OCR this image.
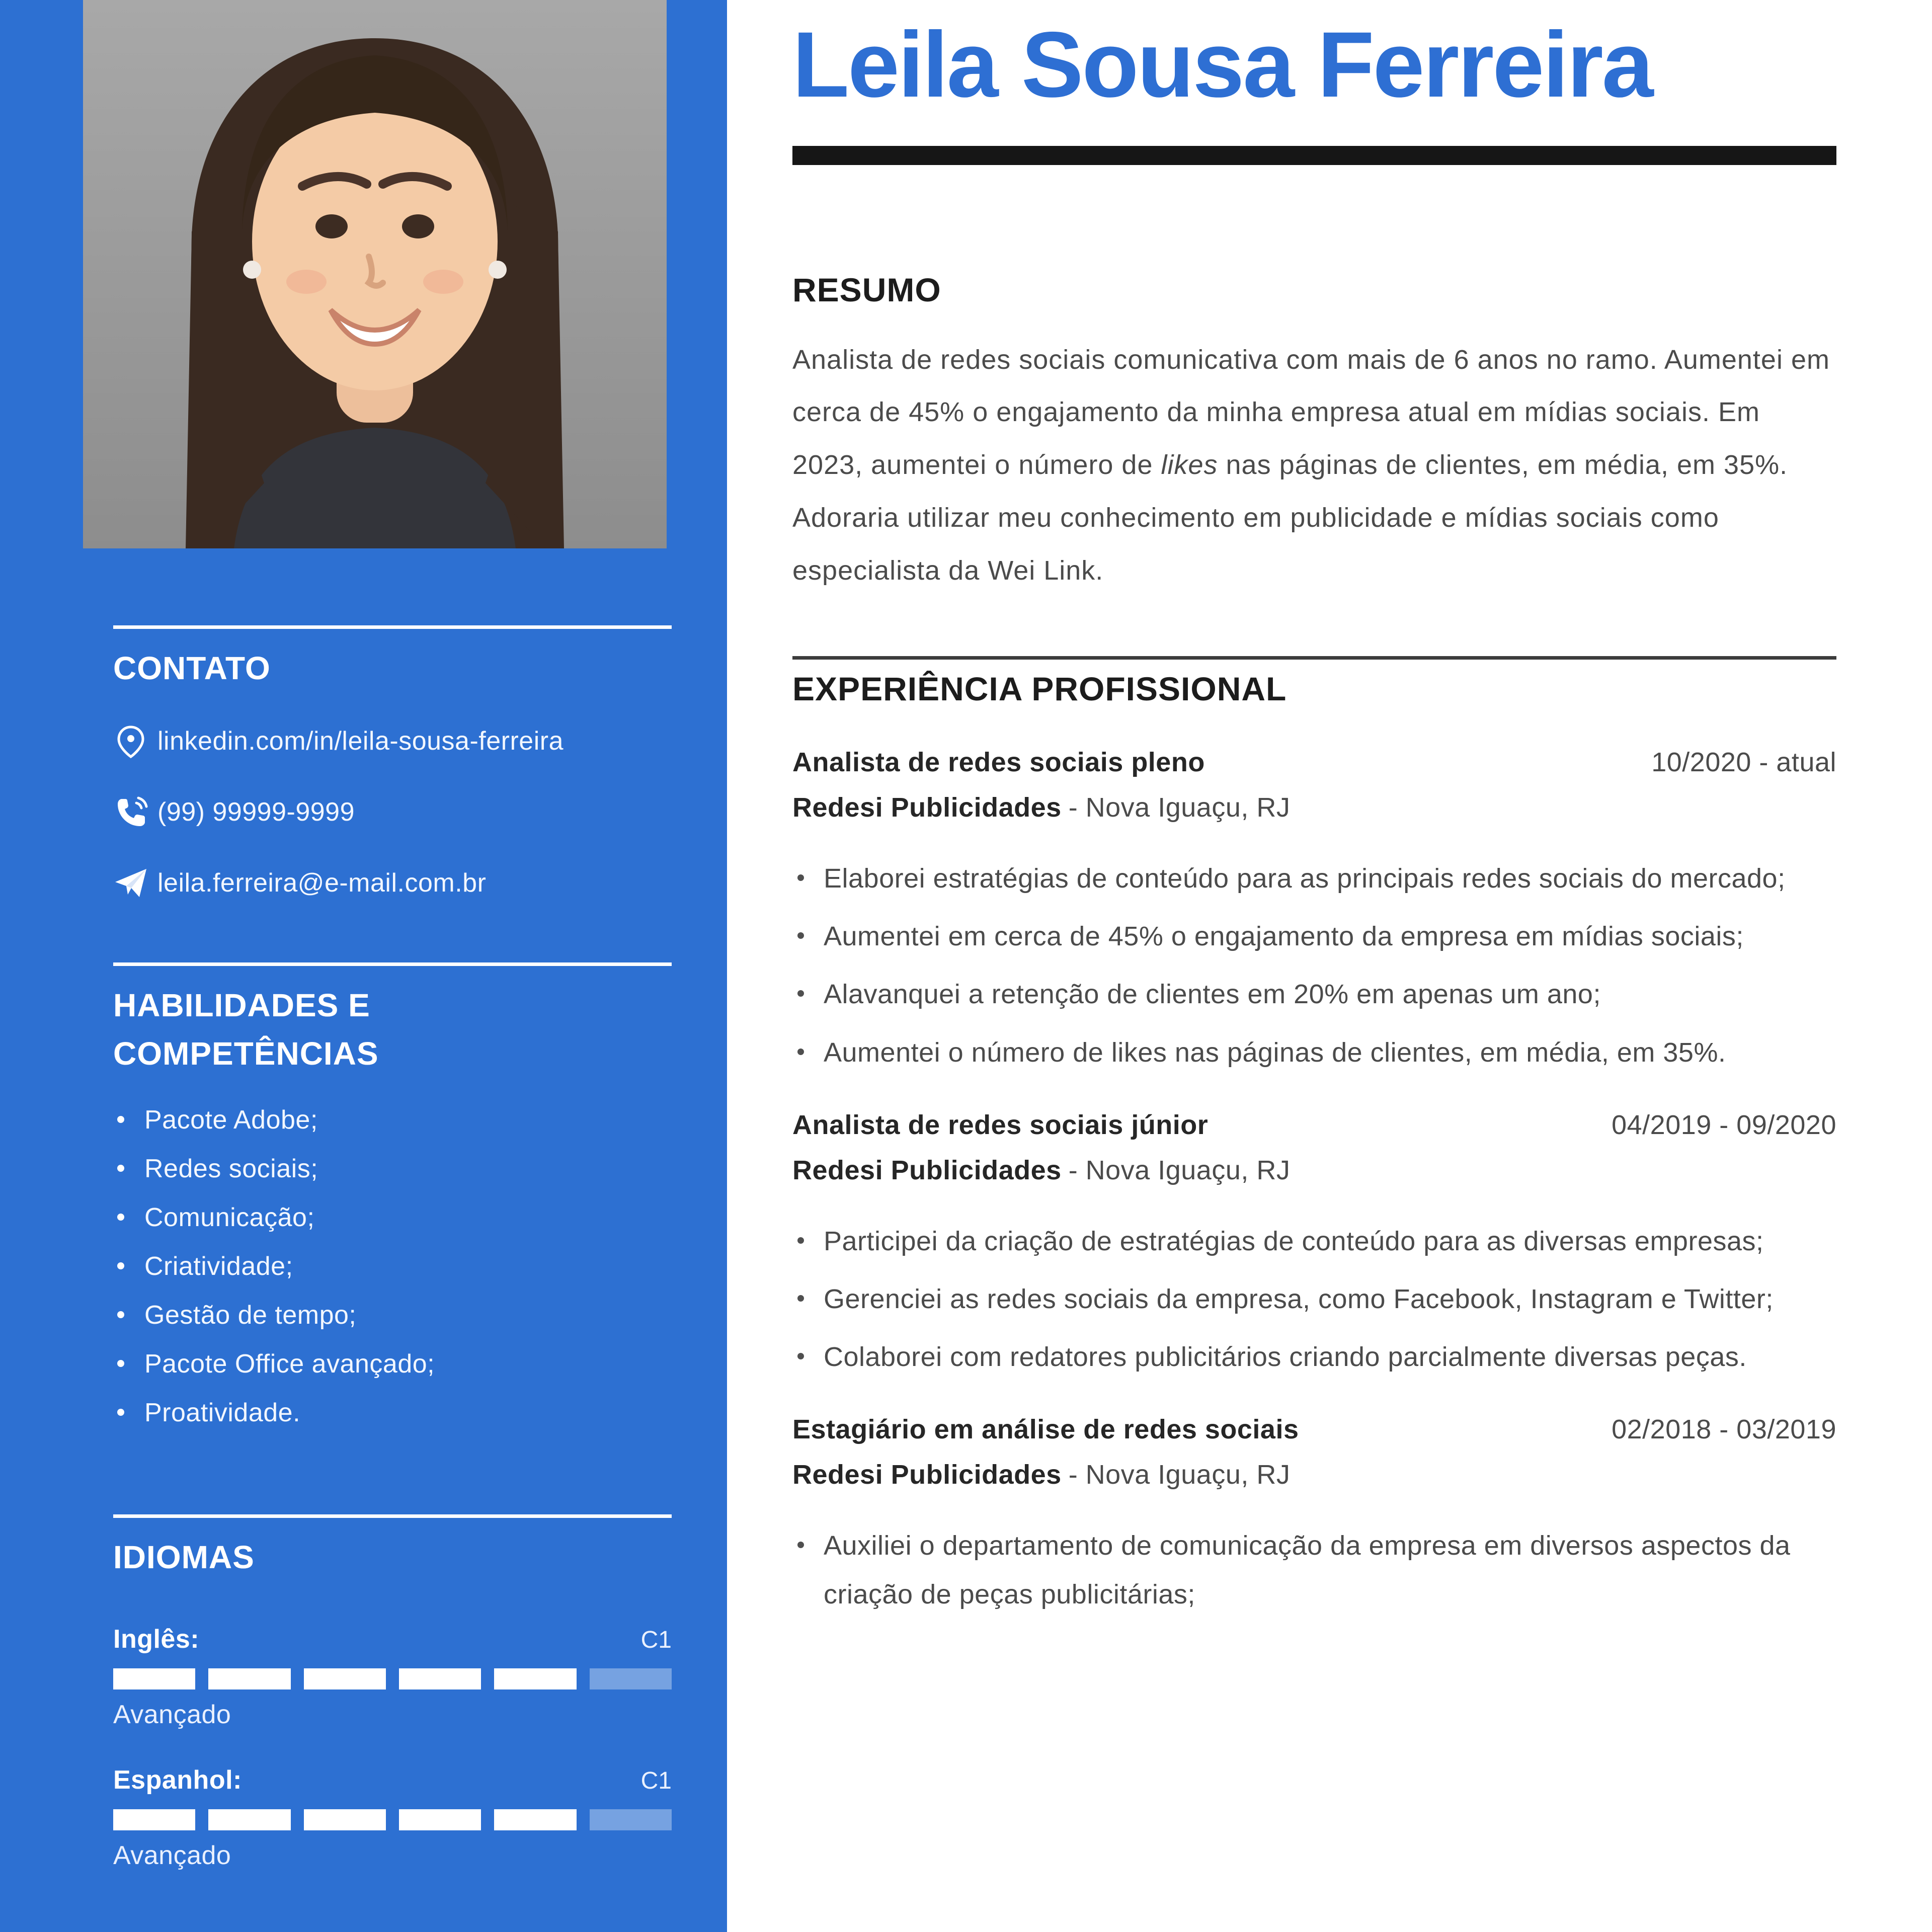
CONTATO
linkedin.com/in/leila-sousa-ferreira
(99) 99999-9999
leila.ferreira@e-mail.com.br
HABILIDADES E
COMPETÊNCIAS
Pacote Adobe;
Redes sociais;
Comunicação;
Criatividade;
Gestão de tempo;
Pacote Office avançado;
Proatividade.
IDIOMAS
Inglês:	C1
Avançado
Espanhol:	C1
Avançado
Leila Sousa Ferreira
RESUMO

Analista de redes sociais comunicativa com mais de 6 anos no ramo. Aumentei em cerca de 45% o engajamento da minha empresa atual em mídias sociais. Em 2023, aumentei o número de likes nas páginas de clientes, em média, em 35%. Adoraria utilizar meu conhecimento em publicidade e mídias sociais como especialista da Wei Link.

EXPERIÊNCIA PROFISSIONAL
Analista de redes sociais pleno	10/2020 - atual
Redesi Publicidades - Nova Iguaçu, RJ
Elaborei estratégias de conteúdo para as principais redes sociais do mercado;
Aumentei em cerca de 45% o engajamento da empresa em mídias sociais;
Alavanquei a retenção de clientes em 20% em apenas um ano;
Aumentei o número de likes nas páginas de clientes, em média, em 35%.
Analista de redes sociais júnior	04/2019 - 09/2020
Redesi Publicidades - Nova Iguaçu, RJ
Participei da criação de estratégias de conteúdo para as diversas empresas;
Gerenciei as redes sociais da empresa, como Facebook, Instagram e Twitter;
Colaborei com redatores publicitários criando parcialmente diversas peças.
Estagiário em análise de redes sociais	02/2018 - 03/2019
Redesi Publicidades - Nova Iguaçu, RJ
Auxiliei o departamento de comunicação da empresa em diversos aspectos da criação de peças publicitárias;
